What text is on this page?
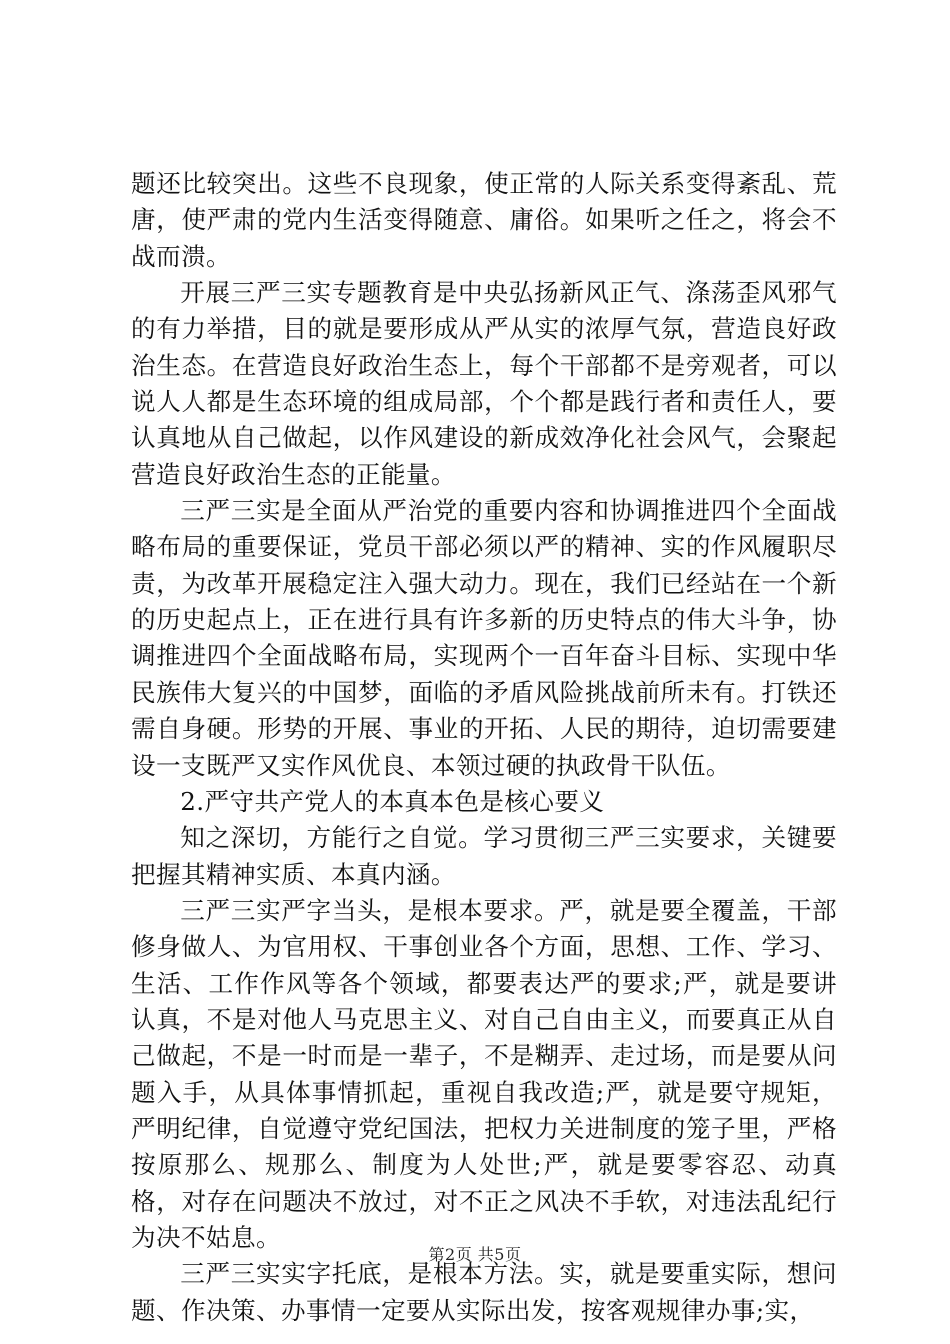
题还比较突出。这些不良现象，使正常的人际关系变得紊乱、荒唐，使严肃的党内生活变得随意、庸俗。如果听之任之，将会不战而溃。

开展三严三实专题教育是中央弘扬新风正气、涤荡歪风邪气的有力举措，目的就是要形成从严从实的浓厚气氛，营造良好政治生态。在营造良好政治生态上，每个干部都不是旁观者，可以说人人都是生态环境的组成局部，个个都是践行者和责任人，要认真地从自己做起，以作风建设的新成效净化社会风气，会聚起营造良好政治生态的正能量。

三严三实是全面从严治党的重要内容和协调推进四个全面战略布局的重要保证，党员干部必须以严的精神、实的作风履职尽责，为改革开展稳定注入强大动力。现在，我们已经站在一个新的历史起点上，正在进行具有许多新的历史特点的伟大斗争，协调推进四个全面战略布局，实现两个一百年奋斗目标、实现中华民族伟大复兴的中国梦，面临的矛盾风险挑战前所未有。打铁还需自身硬。形势的开展、事业的开拓、人民的期待，迫切需要建设一支既严又实作风优良、本领过硬的执政骨干队伍。

2.严守共产党人的本真本色是核心要义

知之深切，方能行之自觉。学习贯彻三严三实要求，关键要把握其精神实质、本真内涵。

三严三实严字当头，是根本要求。严，就是要全覆盖，干部修身做人、为官用权、干事创业各个方面，思想、工作、学习、生活、工作作风等各个领域，都要表达严的要求;严，就是要讲认真，不是对他人马克思主义、对自己自由主义，而要真正从自己做起，不是一时而是一辈子，不是糊弄、走过场，而是要从问题入手，从具体事情抓起，重视自我改造;严，就是要守规矩，严明纪律，自觉遵守党纪国法，把权力关进制度的笼子里，严格按原那么、规那么、制度为人处世;严，就是要零容忍、动真格，对存在问题决不放过，对不正之风决不手软，对违法乱纪行为决不姑息。

三严三实实字托底，是根本方法。实，就是要重实际，想问题、作决策、办事情一定要从实际出发，按客观规律办事;实，

第2页 共5页
